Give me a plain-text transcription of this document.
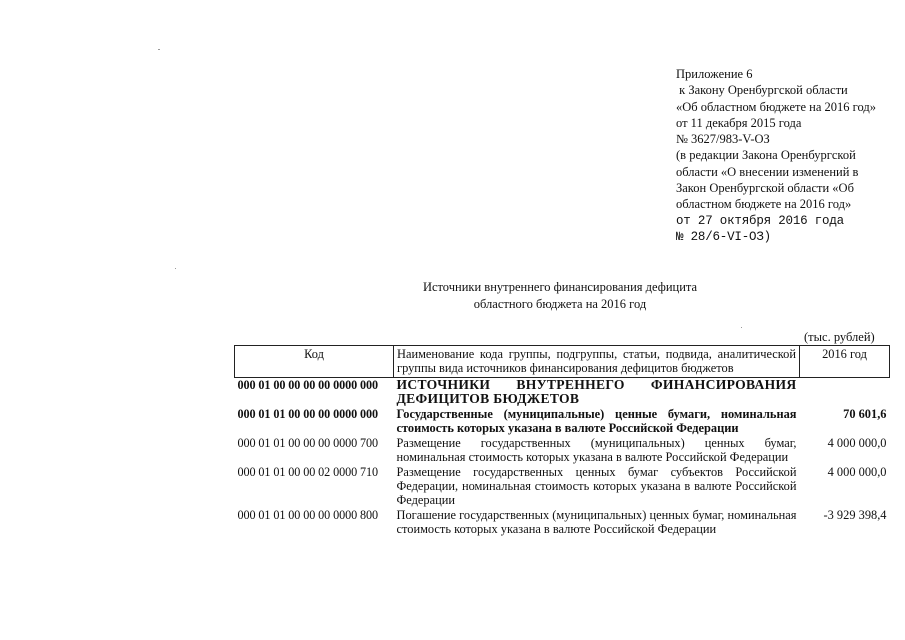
Приложение 6
к Закону Оренбургской области
«Об областном бюджете на 2016 год»
от 11 декабря 2015 года
№ 3627/983-V-ОЗ
(в редакции Закона Оренбургской
области «О внесении изменений в
Закон Оренбургской области «Об
областном бюджете на 2016 год»
от 27 октября 2016 года
№ 28/6-VI-ОЗ)
Источники внутреннего финансирования дефицита
областного бюджета на 2016 год
(тыс. рублей)
Код	Наименование кода группы, подгруппы, статьи, подвида, аналитической группы вида источников финансирования дефицитов бюджетов	2016 год
000 01 00 00 00 00 0000 000	ИСТОЧНИКИ ВНУТРЕННЕГО ФИНАНСИРОВАНИЯ ДЕФИЦИТОВ БЮДЖЕТОВ	
000 01 01 00 00 00 0000 000	Государственные (муниципальные) ценные бумаги, номинальная стоимость которых указана в валюте Российской Федерации	70 601,6
000 01 01 00 00 00 0000 700	Размещение государственных (муниципальных) ценных бумаг, номинальная стоимость которых указана в валюте Российской Федерации	4 000 000,0
000 01 01 00 00 02 0000 710	Размещение государственных ценных бумаг субъектов Российской Федерации, номинальная стоимость которых указана в валюте Российской Федерации	4 000 000,0
000 01 01 00 00 00 0000 800	Погашение государственных (муниципальных) ценных бумаг, номинальная стоимость которых указана в валюте Российской Федерации	-3 929 398,4
